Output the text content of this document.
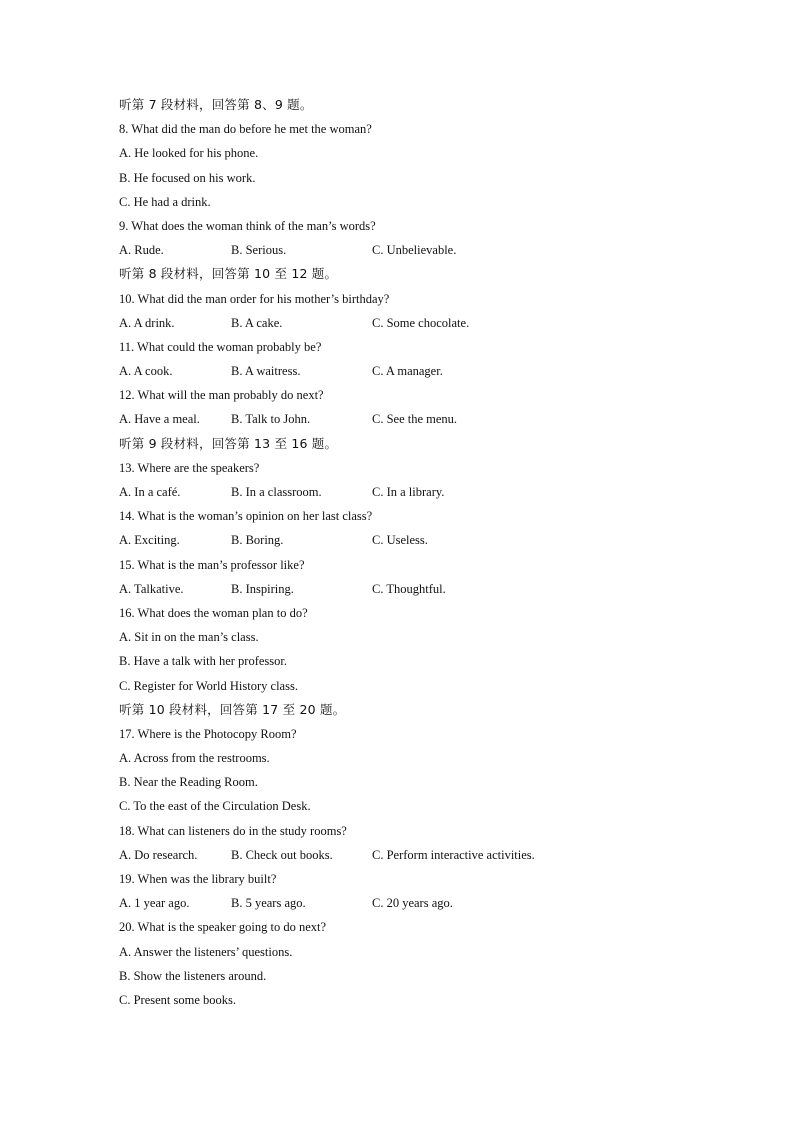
听第 7 段材料，回答第 8、9 题。
8. What did the man do before he met the woman?
A. He looked for his phone.
B. He focused on his work.
C. He had a drink.
9. What does the woman think of the man’s words?
A. Rude.	B. Serious.	C. Unbelievable.
听第 8 段材料，回答第 10 至 12 题。
10. What did the man order for his mother’s birthday?
A. A drink.	B. A cake.	C. Some chocolate.
11. What could the woman probably be?
A. A cook.	B. A waitress.	C. A manager.
12. What will the man probably do next?
A. Have a meal. B. Talk to John.	C. See the menu.
听第 9 段材料，回答第 13 至 16 题。
13. Where are the speakers?
A. In a café.	B. In a classroom.	C. In a library.
14. What is the woman’s opinion on her last class?
A. Exciting.	B. Boring.	C. Useless.
15. What is the man’s professor like?
A. Talkative.	B. Inspiring.	C. Thoughtful.
16. What does the woman plan to do?
A. Sit in on the man’s class.
B. Have a talk with her professor.
C. Register for World History class.
听第 10 段材料，回答第 17 至 20 题。
17. Where is the Photocopy Room?
A. Across from the restrooms.
B. Near the Reading Room.
C. To the east of the Circulation Desk.
18. What can listeners do in the study rooms?
A. Do research.	B. Check out books.	C. Perform interactive activities.
19. When was the library built?
A. 1 year ago.	B. 5 years ago.	C. 20 years ago.
20. What is the speaker going to do next?
A. Answer the listeners’ questions.
B. Show the listeners around.
C. Present some books.
